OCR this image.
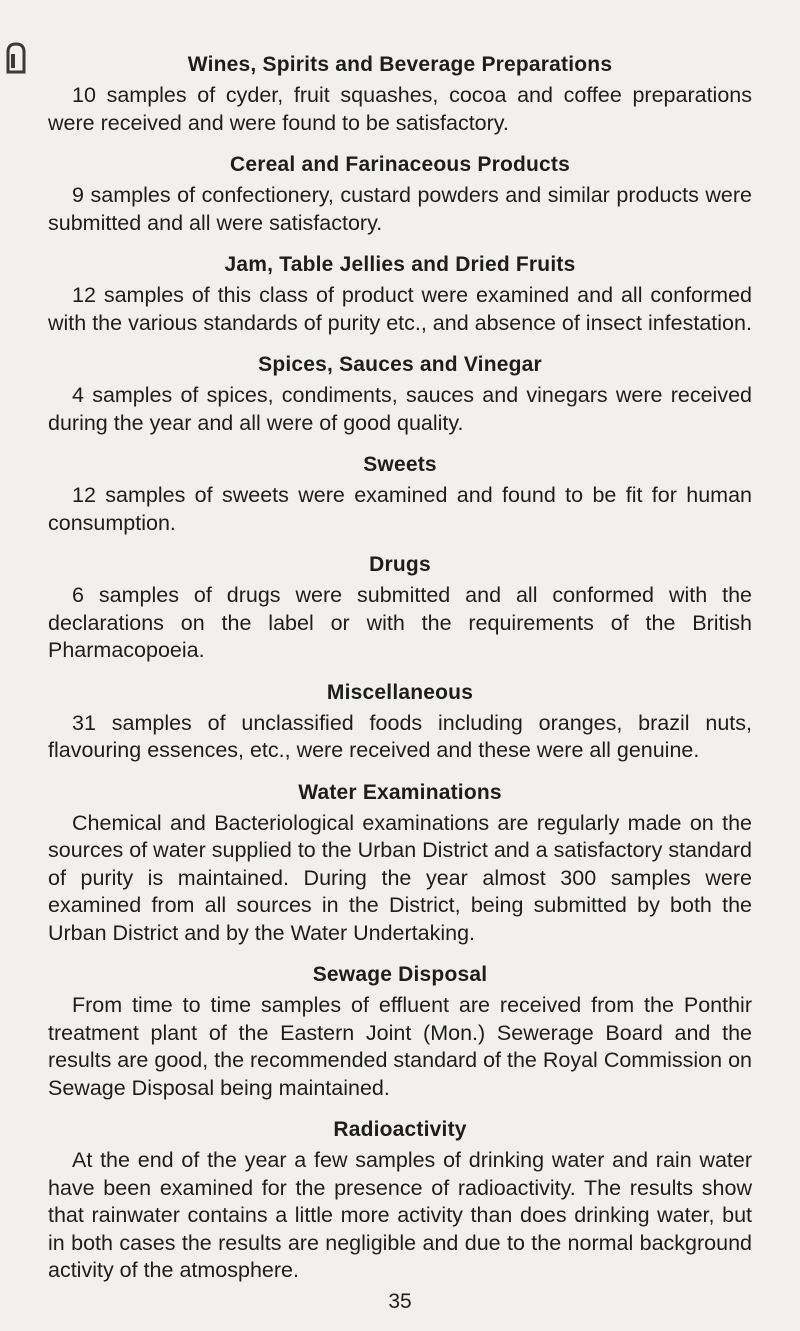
Wines, Spirits and Beverage Preparations

10 samples of cyder, fruit squashes, cocoa and coffee preparations were received and were found to be satisfactory.

Cereal and Farinaceous Products

9 samples of confectionery, custard powders and similar products were submitted and all were satisfactory.

Jam, Table Jellies and Dried Fruits

12 samples of this class of product were examined and all conformed with the various standards of purity etc., and absence of insect infestation.

Spices, Sauces and Vinegar

4 samples of spices, condiments, sauces and vinegars were received during the year and all were of good quality.

Sweets

12 samples of sweets were examined and found to be fit for human consumption.

Drugs

6 samples of drugs were submitted and all conformed with the declarations on the label or with the requirements of the British Pharmacopoeia.

Miscellaneous

31 samples of unclassified foods including oranges, brazil nuts, flavouring essences, etc., were received and these were all genuine.

Water Examinations

Chemical and Bacteriological examinations are regularly made on the sources of water supplied to the Urban District and a satisfactory standard of purity is maintained. During the year almost 300 samples were examined from all sources in the District, being submitted by both the Urban District and by the Water Undertaking.

Sewage Disposal

From time to time samples of effluent are received from the Ponthir treatment plant of the Eastern Joint (Mon.) Sewerage Board and the results are good, the recommended standard of the Royal Commission on Sewage Disposal being maintained.

Radioactivity

At the end of the year a few samples of drinking water and rain water have been examined for the presence of radioactivity. The results show that rainwater contains a little more activity than does drinking water, but in both cases the results are negligible and due to the normal background activity of the atmosphere.

35
